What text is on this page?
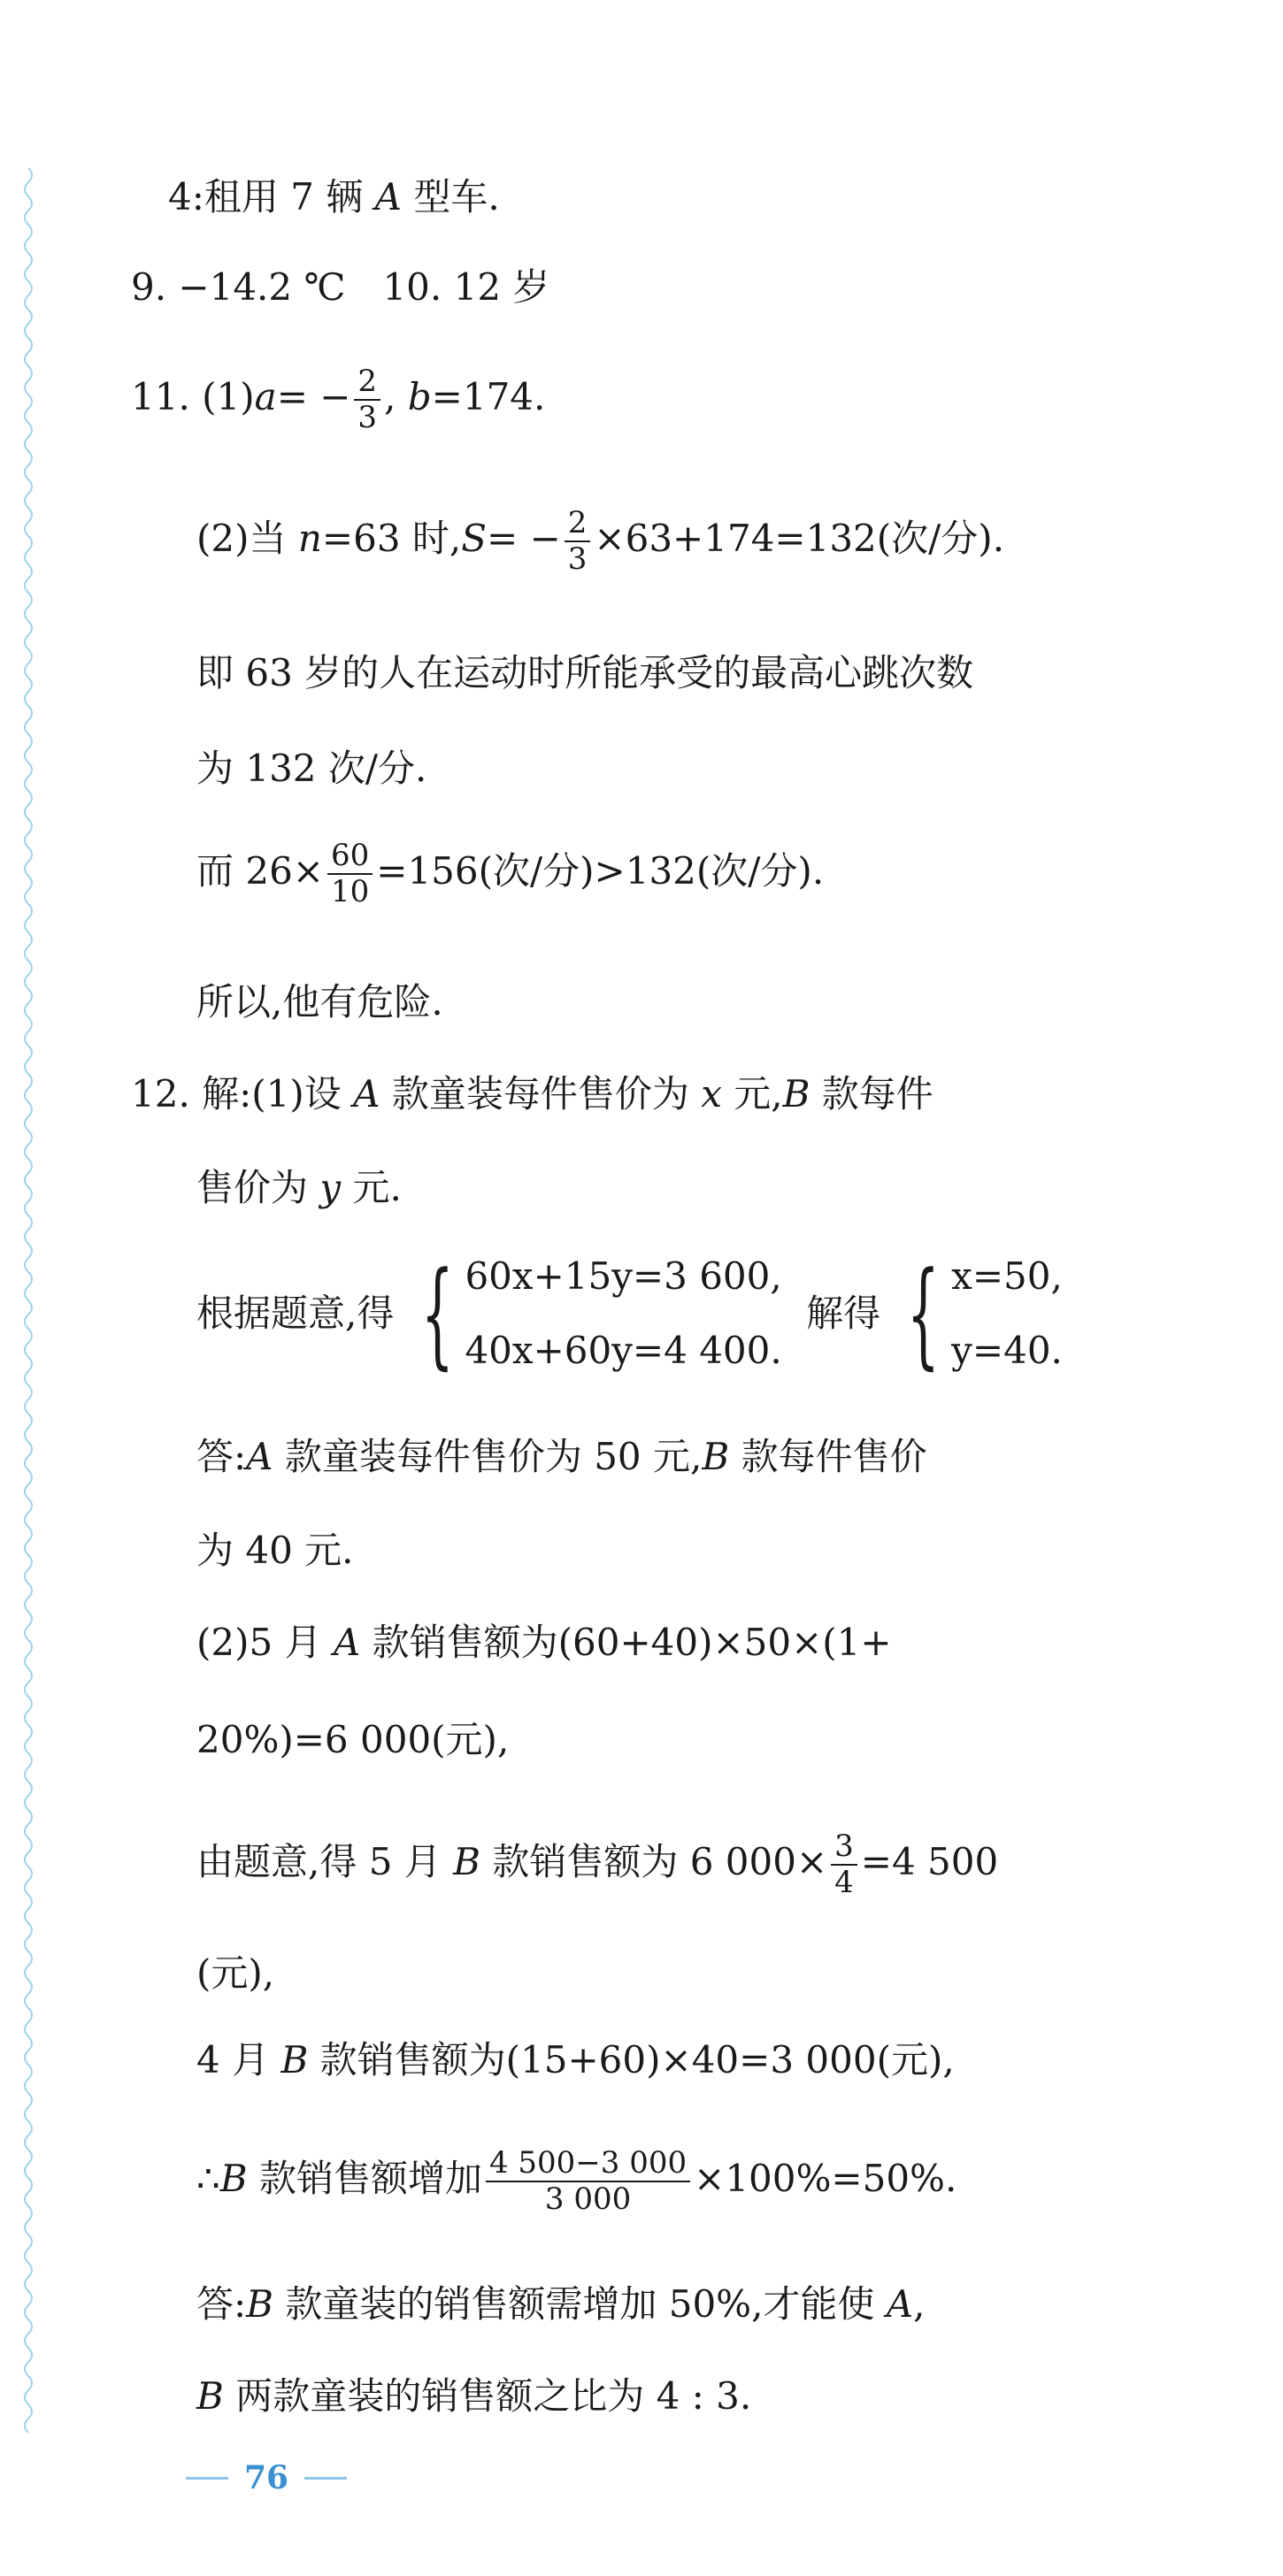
4:租用 7 辆 A 型车.
9. −14.2 ℃　10. 12 岁
11. $(1)a= - \frac{2}{3}$ , b=174.
(2)当 n=63 时$,S= - \frac{2}{3} \times 63+174=132$(次/分).
即 63 岁的人在运动时所能承受的最高心跳次数
为 132 次/分.
而 $26\times \frac{60}{10} =156$(次/分)>132(次/分).
所以,他有危险.
12. 解:(1)设 A 款童装每件售价为 x 元,B 款每件
售价为 y 元.
根据题意,得 { 60x+15y=3 600,
40x+60y=4 400.
解得 { x=50,
y=40.
答:A 款童装每件售价为 50 元,B 款每件售价
为 40 元.
(2)5 月 A 款销售额为(60+40)×50×(1+
20%)=6 000(元),
由题意,得 5 月 B 款销售额为 6 $000\times \frac{3}{4} =4$ 500
(元),
4 月 B 款销售额为(15+60)×40=3 000(元),
∴B 款销售额增加 $\frac{4 500-3 000}{3 000} \times 100\%=50\%$.
答:B 款童装的销售额需增加 50%,才能使 A,
B 两款童装的销售额之比为 4 : 3.
76
